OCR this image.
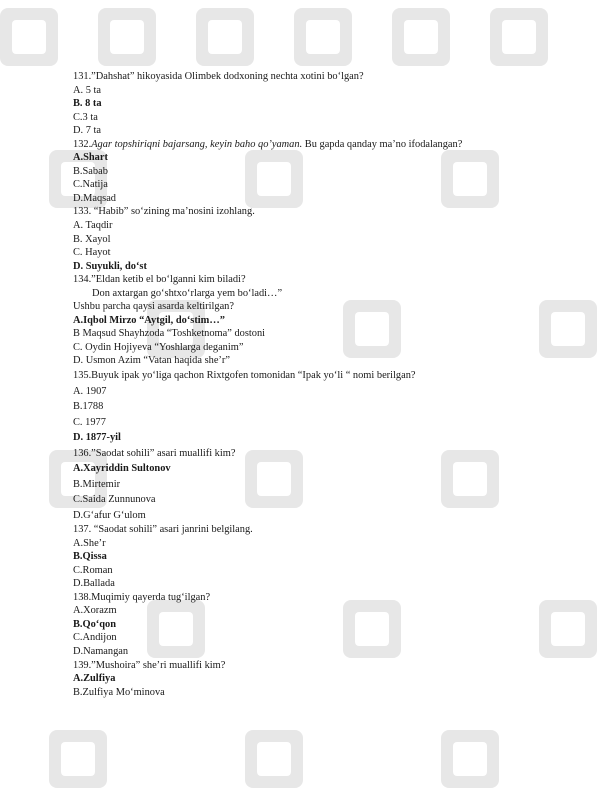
131.”Dahshat” hikoyasida Olimbek dodxoning nechta xotini bo‘lgan?
A. 5 ta
B. 8 ta
C.3 ta
D. 7 ta
132.Agar topshiriqni bajarsang, keyin baho qo’yaman. Bu gapda qanday ma’no ifodalangan?
A.Shart
B.Sabab
C.Natija
D.Maqsad
133. “Habib” so‘zining ma’nosini izohlang.
A. Taqdir
B. Xayol
C. Hayot
D. Suyukli, do‘st
134.”Eldan ketib el bo‘lganni kim biladi?
Don axtargan go‘shtxo‘rlarga yem bo‘ladi…”
Ushbu parcha qaysi asarda keltirilgan?
A.Iqbol Mirzo “Aytgil, do‘stim…”
B Maqsud Shayhzoda “Toshketnoma” dostoni
C. Oydin Hojiyeva “Yoshlarga deganim”
D. Usmon Azim “Vatan haqida she’r”
135.Buyuk ipak yo‘liga qachon Rixtgofen tomonidan “Ipak yo‘li “ nomi berilgan?
A. 1907
B.1788
C. 1977
D. 1877-yil
136.”Saodat sohili” asari muallifi kim?
A.Xayriddin Sultonov
B.Mirtemir
C.Saida Zunnunova
D.G‘afur G‘ulom
137. “Saodat sohili” asari janrini belgilang.
A.She’r
B.Qissa
C.Roman
D.Ballada
138.Muqimiy qayerda tug‘ilgan?
A.Xorazm
B.Qo‘qon
C.Andijon
D.Namangan
139.”Mushoira” she’ri muallifi kim?
A.Zulfiya
B.Zulfiya Mo‘minova
